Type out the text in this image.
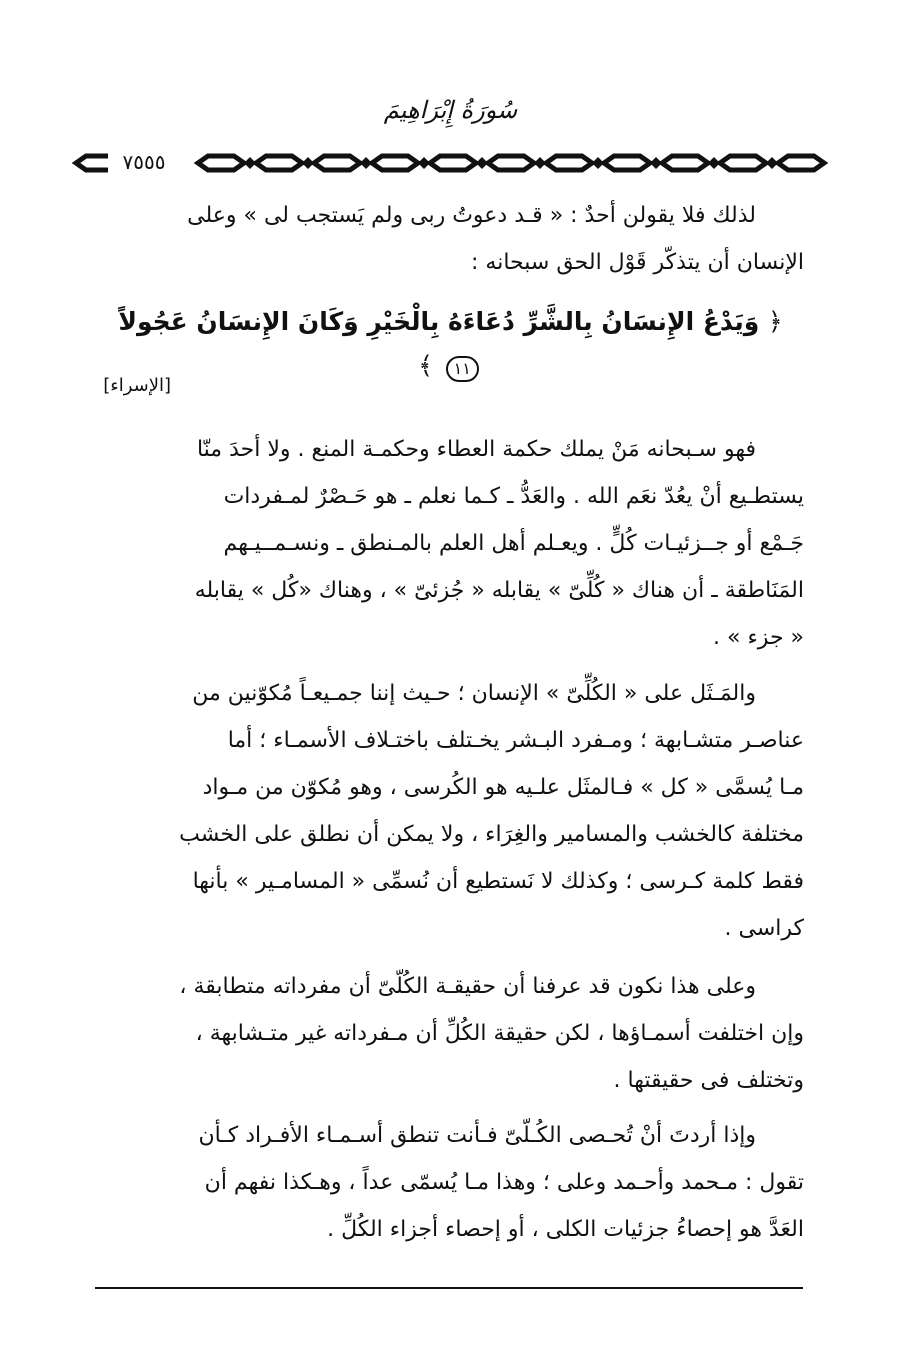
سُورَةُ إِبْرَاهِيمَ
٧٥٥٥

لذلك فلا يقولن أحدٌ : « قـد دعوتُ ربى ولم يَستجب لى » وعلى

الإنسان أن يتذكّر قَوْل الحق سبحانه :

﴿ وَيَدْعُ الإِنسَانُ بِالشَّرِّ دُعَاءَهُ بِالْخَيْرِ وَكَانَ الإِنسَانُ عَجُولاً ١١ ﴾
[الإسراء]

فهو سـبحانه مَنْ يملك حكمة العطاء وحكمـة المنع . ولا أحدَ منّا

يستطـيع أنْ يعُدّ نعَم الله . والعَدُّ ـ كـما نعلم ـ هو حَـصْرٌ لمـفردات

جَـمْع أو جــزئيـات كُلٍّ . ويعـلم أهل العلم بالمـنطق ـ ونسـمــيـهم

المَنَاطقة ـ أن هناك « كُلِّىّ » يقابله « جُزئىّ » ، وهناك «كُل » يقابله

« جزء » .

والمَـثَل على « الكُلِّىّ » الإنسان ؛ حـيث إننا جمـيعـاً مُكوّنين من

عناصـر متشـابهة ؛ ومـفرد البـشر يخـتلف باختـلاف الأسمـاء ؛ أما

مـا يُسمَّى « كل » فـالمثَل علـيه هو الكُرسى ، وهو مُكوّن من مـواد

مختلفة كالخشب والمسامير والغِرَاء ، ولا يمكن أن نطلق على الخشب

فقط كلمة كـرسى ؛ وكذلك لا نَستطيع أن نُسمِّى « المسامـير » بأنها

كراسى .

وعلى هذا نكون قد عرفنا أن حقيقـة الكُلّىّ أن مفرداته متطابقة ،

وإن اختلفت أسمـاؤها ، لكن حقيقة الكُلِّ أن مـفرداته غير متـشابهة ،

وتختلف فى حقيقتها .

وإذا أردتَ أنْ تُحـصى الكُـلّىّ فـأنت تنطق أسـمـاء الأفـراد كـأن

تقول : مـحمد وأحـمد وعلى ؛ وهذا مـا يُسمّى عداً ، وهـكذا نفهم أن

العَدَّ هو إحصاءُ جزئيات الكلى ، أو إحصاء أجزاء الكُلِّ .
